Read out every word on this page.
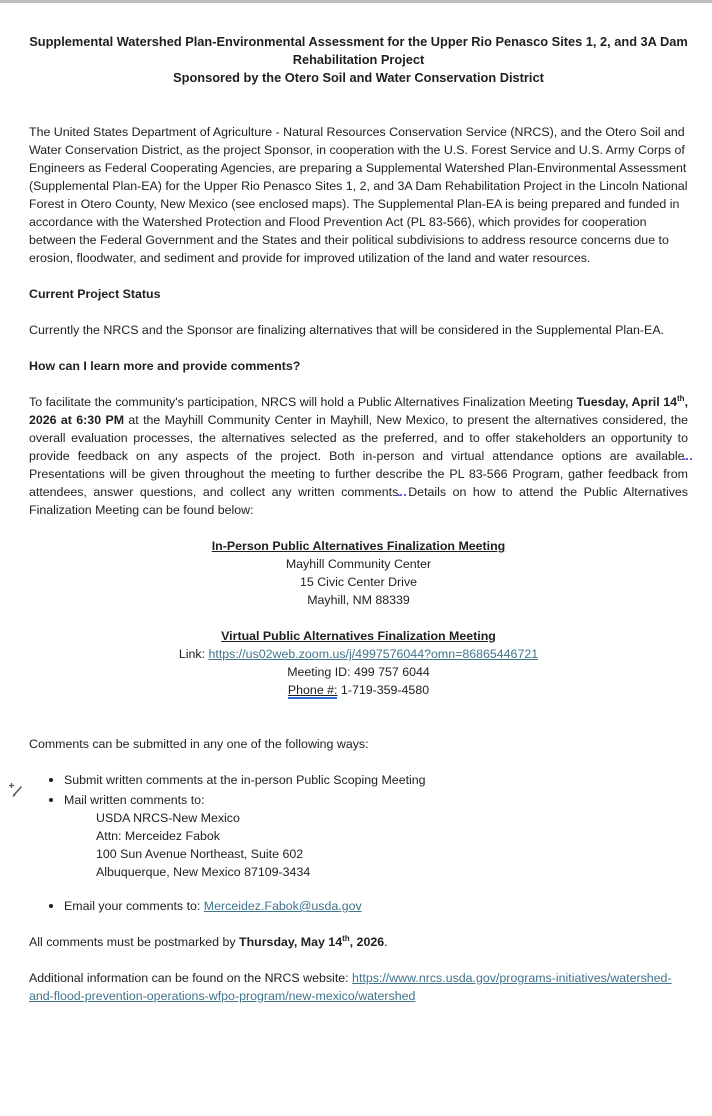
Supplemental Watershed Plan-Environmental Assessment for the Upper Rio Penasco Sites 1, 2, and 3A Dam Rehabilitation Project

Sponsored by the Otero Soil and Water Conservation District

The United States Department of Agriculture - Natural Resources Conservation Service (NRCS), and the Otero Soil and Water Conservation District, as the project Sponsor, in cooperation with the U.S. Forest Service and U.S. Army Corps of Engineers as Federal Cooperating Agencies, are preparing a Supplemental Watershed Plan-Environmental Assessment (Supplemental Plan-EA) for the Upper Rio Penasco Sites 1, 2, and 3A Dam Rehabilitation Project in the Lincoln National Forest in Otero County, New Mexico (see enclosed maps). The Supplemental Plan-EA is being prepared and funded in accordance with the Watershed Protection and Flood Prevention Act (PL 83-566), which provides for cooperation between the Federal Government and the States and their political subdivisions to address resource concerns due to erosion, floodwater, and sediment and provide for improved utilization of the land and water resources.

Current Project Status

Currently the NRCS and the Sponsor are finalizing alternatives that will be considered in the Supplemental Plan-EA.

How can I learn more and provide comments?

To facilitate the community's participation, NRCS will hold a Public Alternatives Finalization Meeting Tuesday, April 14th, 2026 at 6:30 PM at the Mayhill Community Center in Mayhill, New Mexico, to present the alternatives considered, the overall evaluation processes, the alternatives selected as the preferred, and to offer stakeholders an opportunity to provide feedback on any aspects of the project. Both in-person and virtual attendance options are available. Presentations will be given throughout the meeting to further describe the PL 83-566 Program, gather feedback from attendees, answer questions, and collect any written comments. Details on how to attend the Public Alternatives Finalization Meeting can be found below:

In-Person Public Alternatives Finalization Meeting

Mayhill Community Center

15 Civic Center Drive

Mayhill, NM 88339

Virtual Public Alternatives Finalization Meeting

Link: https://us02web.zoom.us/j/4997576044?omn=86865446721

Meeting ID: 499 757 6044

Phone #: 1-719-359-4580

Comments can be submitted in any one of the following ways:

Submit written comments at the in-person Public Scoping Meeting
Mail written comments to:
USDA NRCS-New Mexico
Attn: Merceidez Fabok
100 Sun Avenue Northeast, Suite 602
Albuquerque, New Mexico 87109-3434
Email your comments to: Merceidez.Fabok@usda.gov

All comments must be postmarked by Thursday, May 14th, 2026.

Additional information can be found on the NRCS website: https://www.nrcs.usda.gov/programs-initiatives/watershed-and-flood-prevention-operations-wfpo-program/new-mexico/watershed
